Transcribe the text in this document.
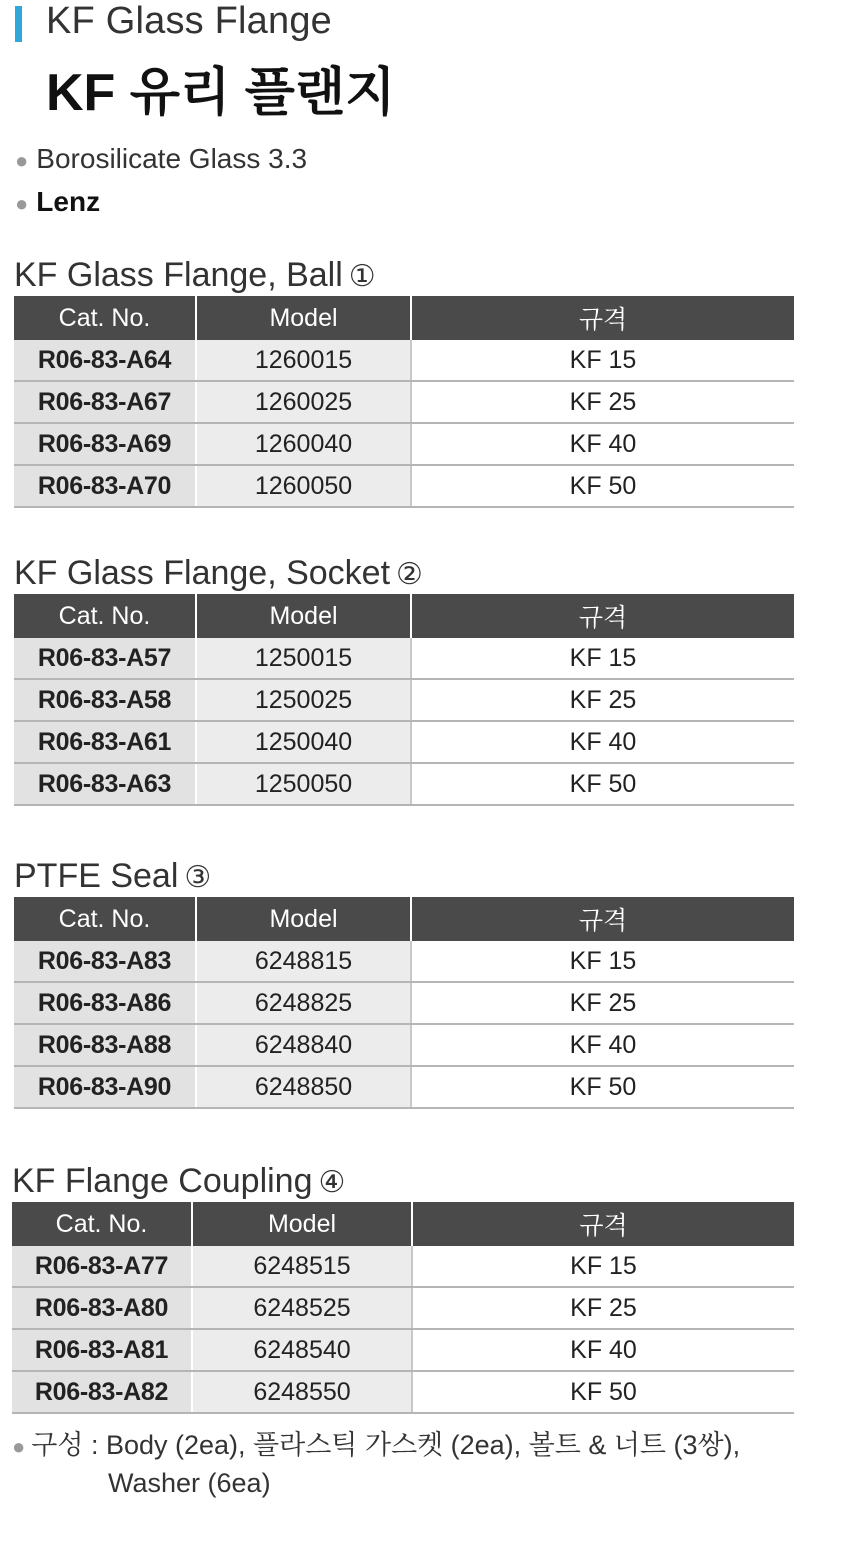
KF Glass Flange
KF 유리 플랜지
● Borosilicate Glass 3.3
● Lenz
KF Glass Flange, Ball ①
Cat. No.	Model	규격
R06-83-A64	1260015	KF 15
R06-83-A67	1260025	KF 25
R06-83-A69	1260040	KF 40
R06-83-A70	1260050	KF 50
KF Glass Flange, Socket ②
Cat. No.	Model	규격
R06-83-A57	1250015	KF 15
R06-83-A58	1250025	KF 25
R06-83-A61	1250040	KF 40
R06-83-A63	1250050	KF 50
PTFE Seal ③
Cat. No.	Model	규격
R06-83-A83	6248815	KF 15
R06-83-A86	6248825	KF 25
R06-83-A88	6248840	KF 40
R06-83-A90	6248850	KF 50
KF Flange Coupling ④
Cat. No.	Model	규격
R06-83-A77	6248515	KF 15
R06-83-A80	6248525	KF 25
R06-83-A81	6248540	KF 40
R06-83-A82	6248550	KF 50
● 구성 : Body (2ea), 플라스틱 가스켓 (2ea), 볼트 & 너트 (3쌍),
Washer (6ea)
